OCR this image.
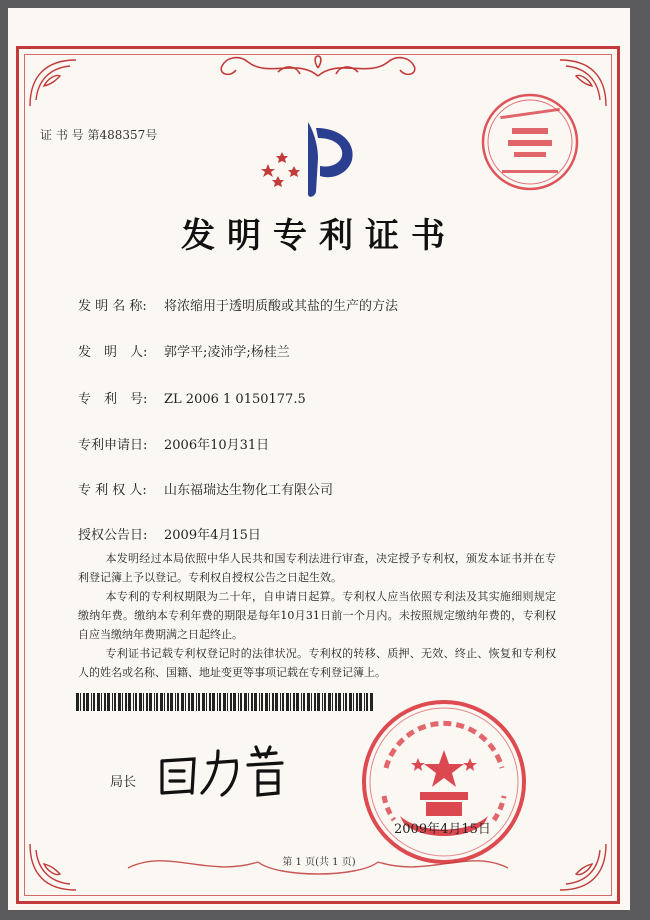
证 书 号 第488357号
发明专利证书
发 明 名 称: 将浓缩用于透明质酸或其盐的生产的方法
发　明　人: 郭学平;凌沛学;杨桂兰
专　利　号: ZL 2006 1 0150177.5
专利申请日: 2006年10月31日
专 利 权 人: 山东福瑞达生物化工有限公司
授权公告日: 2009年4月15日

本发明经过本局依照中华人民共和国专利法进行审查，决定授予专利权，颁发本证书并在专利登记簿上予以登记。专利权自授权公告之日起生效。

本专利的专利权期限为二十年，自申请日起算。专利权人应当依照专利法及其实施细则规定缴纳年费。缴纳本专利年费的期限是每年10月31日前一个月内。未按照规定缴纳年费的，专利权自应当缴纳年费期满之日起终止。

专利证书记载专利权登记时的法律状况。专利权的转移、质押、无效、终止、恢复和专利权人的姓名或名称、国籍、地址变更等事项记载在专利登记簿上。

局长
2009年4月15日
第 1 页(共 1 页)
